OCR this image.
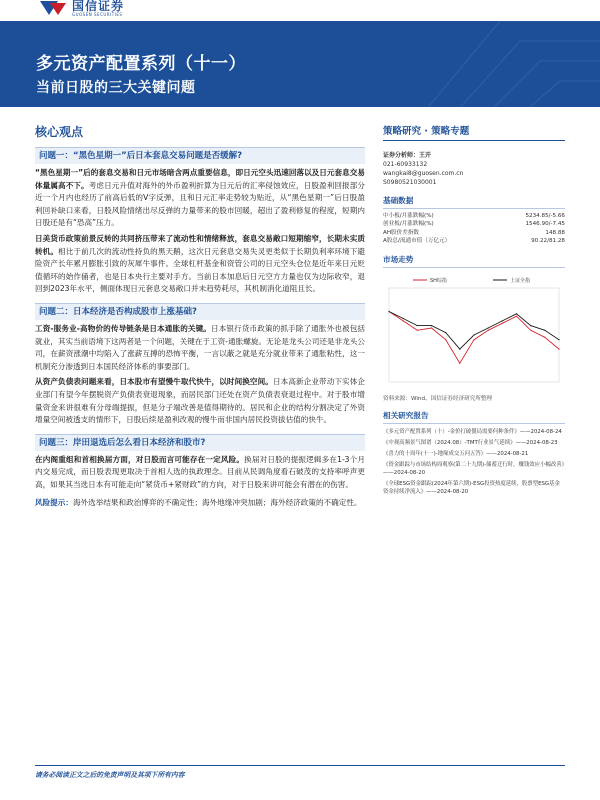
国信证券
GUOSEN SECURITIES
多元资产配置系列（十一）
当前日股的三大关键问题
核心观点
问题一：“黑色星期一”后日本套息交易问题是否缓解?

“黑色星期一”后的套息交易和日元市场暗含两点重要信息，即日元空头迅速回落以及日元套息交易体量属高不下。考虑日元升值对海外的外币盈利折算为日元后的汇率侵蚀效应，日股盈利回报部分近一个月内也经历了前高后低的V字反弹，且和日元汇率走势较为贴近，从“黑色星期一”后日股盈利回补缺口来看，日股风险情绪出尽反弹的力量带来的股市回暖，超出了盈利修复的程度，短期内日股还是有“恐高”压力。

日美货币政策前景反转的共同挤压带来了流动性和情绪释放，套息交易敞口短期缩窄，长期未实质转机。相比于前几次的流动性持负的黑天鹅，这次日元套息交易失灵更类似于长期负利率环境下避险资产长年累月膨胀引致的灰犀牛事件。全球杠杆基金和资管公司的日元空头仓位是近年来日元贬值循环的始作俑者，也是日本央行主要对手方。当前日本加息后日元空方力量也仅为边际收窄，退回到2023年水平，侧面体现日元套息交易敞口并未趋势耗尽，其机制消化道阻且长。

问题二：日本经济是否构成股市上涨基础?

工资-服务业-高物价的传导链条是日本通胀的关键。日本银行货币政策的抓手除了通胀外也被包括就业，其实当前语境下这两者是一个问题，关键在于工资-通胀螺旋。无论是龙头公司还是非龙头公司，在薪资涨潮中均陷入了涨薪互搏的恐怖平衡，一言以蔽之就是充分就业带来了通胀粘性，这一机制充分渗透到日本国民经济体系的事要部门。

从资产负债表问题来看，日本股市有望慢牛取代快牛，以时间换空间。日本高新企业带动下实体企业部门有望今年摆脱资产负债表衰退现象，而居民部门还处在资产负债表衰退过程中。对于股市增量资金来讲很难有分母端提振，但是分子端改善是值得期待的。居民和企业的结构分割决定了外资增量空间被透支的情形下，日股后续是盈利改观的慢牛而非国内居民投资拔估值的快牛。

问题三：岸田退选后怎么看日本经济和股市?

在内阁重组和首相换届方面，对日股而言可能存在一定风险。换届对日股的提振逻辑多在1-3个月内交易完成，而日股表现更取决于首相人选的执政理念。目前从民调角度看石破茂的支持率呼声更高，如果其当选日本有可能走向“紧货币+紧财政”的方向，对于日股来讲可能会有潜在的伤害。

风险提示：海外选举结果和政治博弈的不确定性；海外地缘冲突加剧；海外经济政策的不确定性。

策略研究 · 策略专题
证券分析师：王开
021-60933132
wangkai8@guosen.com.cn
S0980521030001
基础数据
中小板/月涨跌幅(%)	5234.85/-5.66
创业板/月涨跌幅(%)	1546.90/-7.45
AH股价差指数	148.88
A股总/流通市值（万亿元）	90.22/81.28
市场走势
SH综指	上证全指
资料来源：Wind、国信证券经济研究所整理
相关研究报告
《多元资产配置系列（十）-金价打破僵局需要何种条件》——2024-08-24
《中观高频景气图谱（2024.08）-TMT行业景气延续》——2024-08-23
《喜力的十周年(十一)-地缘成交五问五答》——2024-08-21
《资金跟踪与市场结构周观察(第二十九期)-储蓄迁行时，赚钱效应小幅改善》——2024-08-20
《全球ESG资金跟踪(2024年第六期)-ESG投资热度延续，股票型ESG基金资金持续净流入》——2024-08-20
请务必阅读正文之后的免责声明及其项下所有内容
